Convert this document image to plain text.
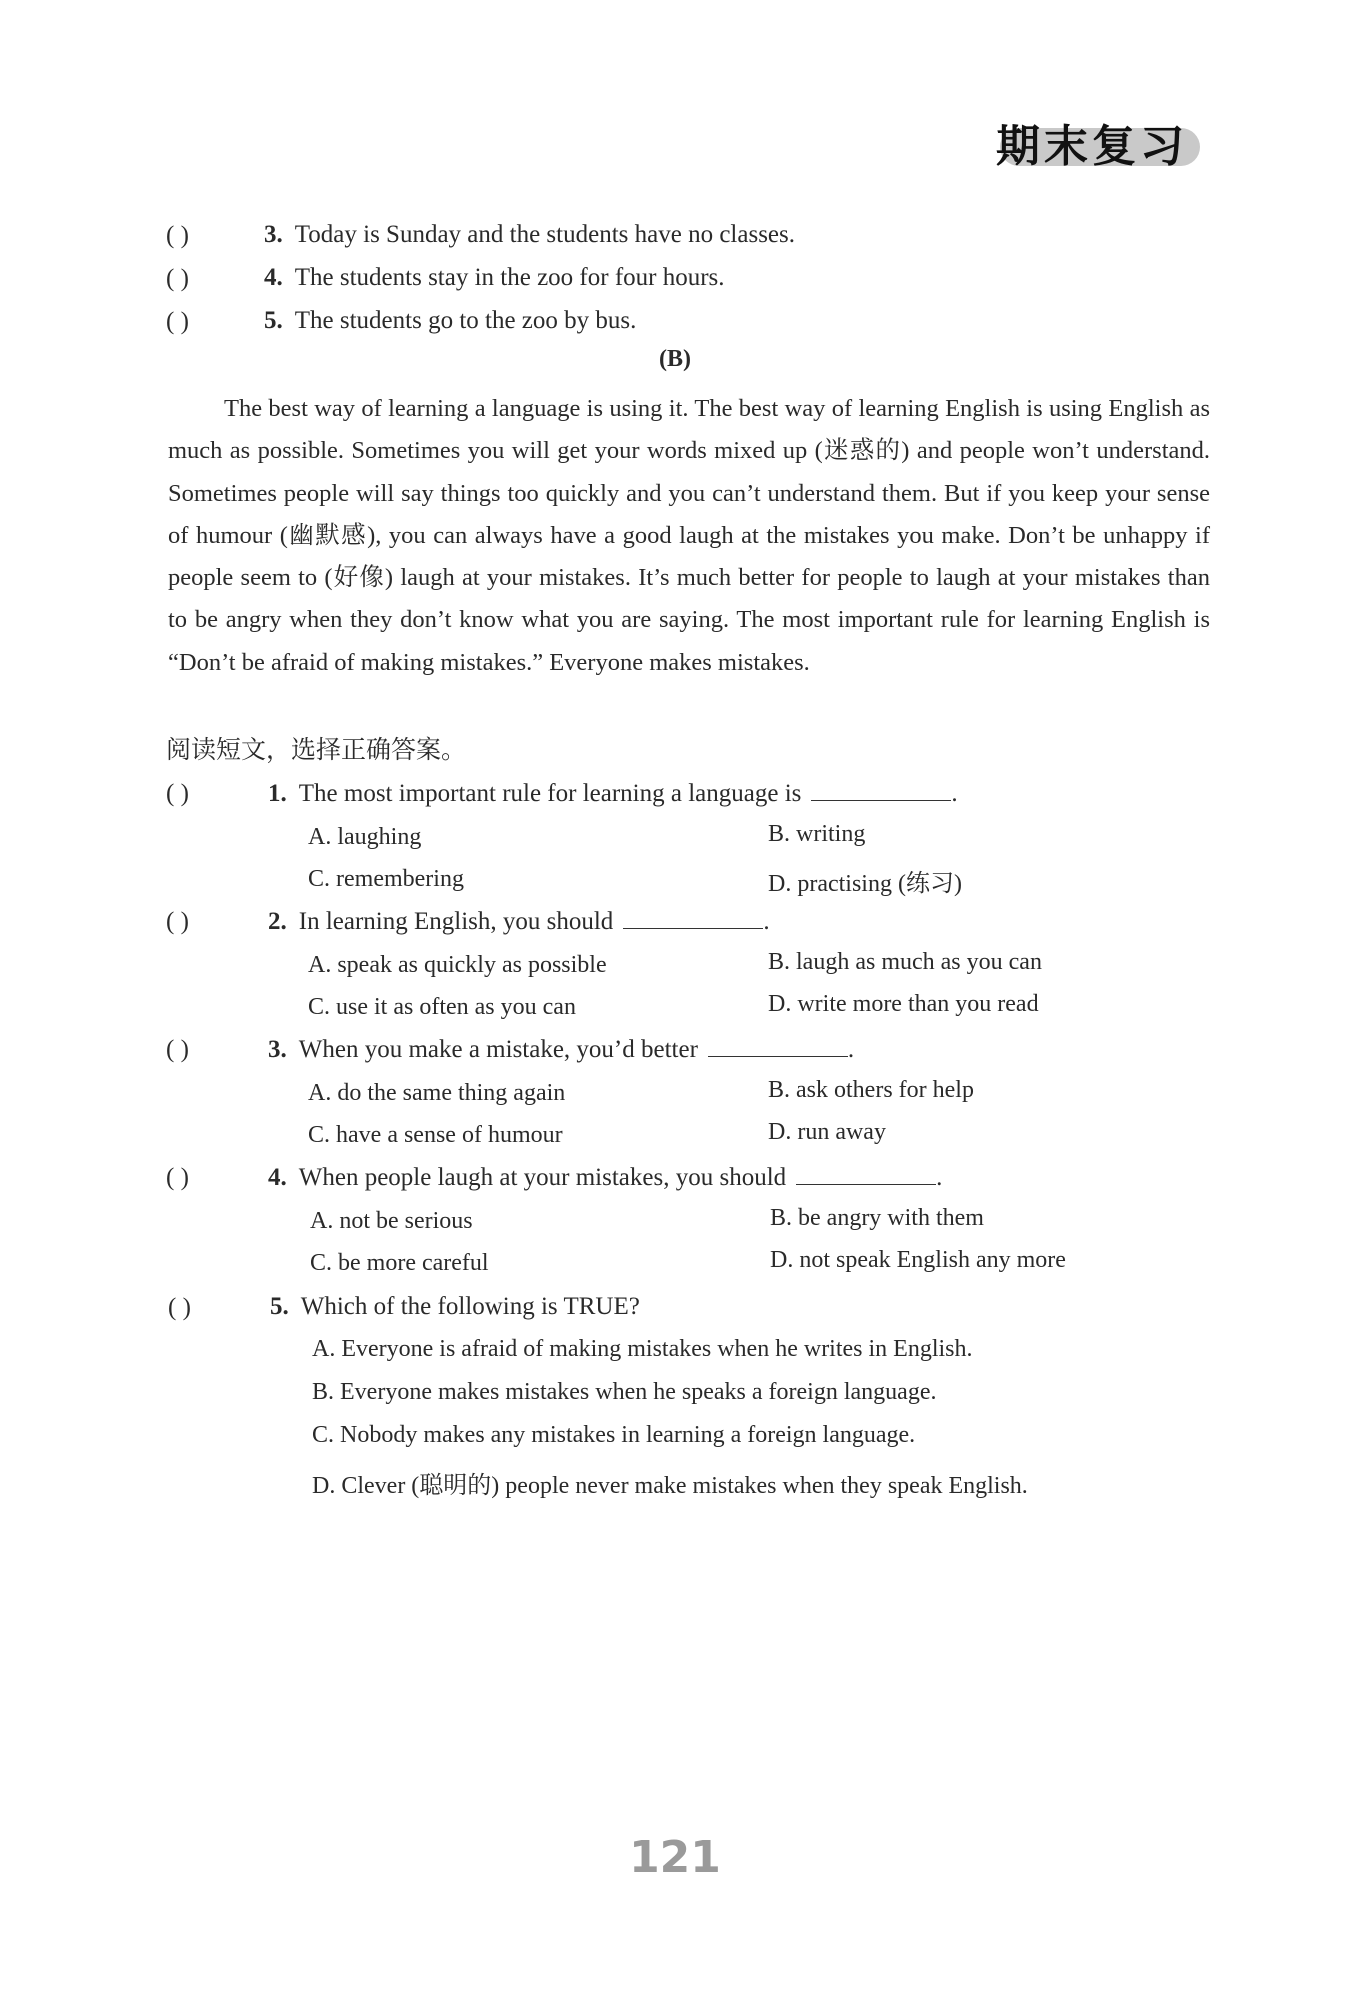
期末复习
( )	3. Today is Sunday and the students have no classes.
( )	4. The students stay in the zoo for four hours.
( )	5. The students go to the zoo by bus.
(B)

The best way of learning a language is using it. The best way of learning English is using English as much as possible. Sometimes you will get your words mixed up (迷惑的) and people won’t understand. Sometimes people will say things too quickly and you can’t understand them. But if you keep your sense of humour (幽默感), you can always have a good laugh at the mistakes you make. Don’t be unhappy if people seem to (好像) laugh at your mistakes. It’s much better for people to laugh at your mistakes than to be angry when they don’t know what you are saying. The most important rule for learning English is “Don’t be afraid of making mistakes.” Everyone makes mistakes.

阅读短文，选择正确答案。
( )	1. The most important rule for learning a language is	.
A. laughing	B. writing
C. remembering	D. practising (练习)
( )	2. In learning English, you should	.
A. speak as quickly as possible	B. laugh as much as you can
C. use it as often as you can	D. write more than you read
( )	3. When you make a mistake, you’d better	.
A. do the same thing again	B. ask others for help
C. have a sense of humour	D. run away
( )	4. When people laugh at your mistakes, you should	.
A. not be serious	B. be angry with them
C. be more careful	D. not speak English any more
( )	5. Which of the following is TRUE?
A. Everyone is afraid of making mistakes when he writes in English.
B. Everyone makes mistakes when he speaks a foreign language.
C. Nobody makes any mistakes in learning a foreign language.
D. Clever (聪明的) people never make mistakes when they speak English.
121
